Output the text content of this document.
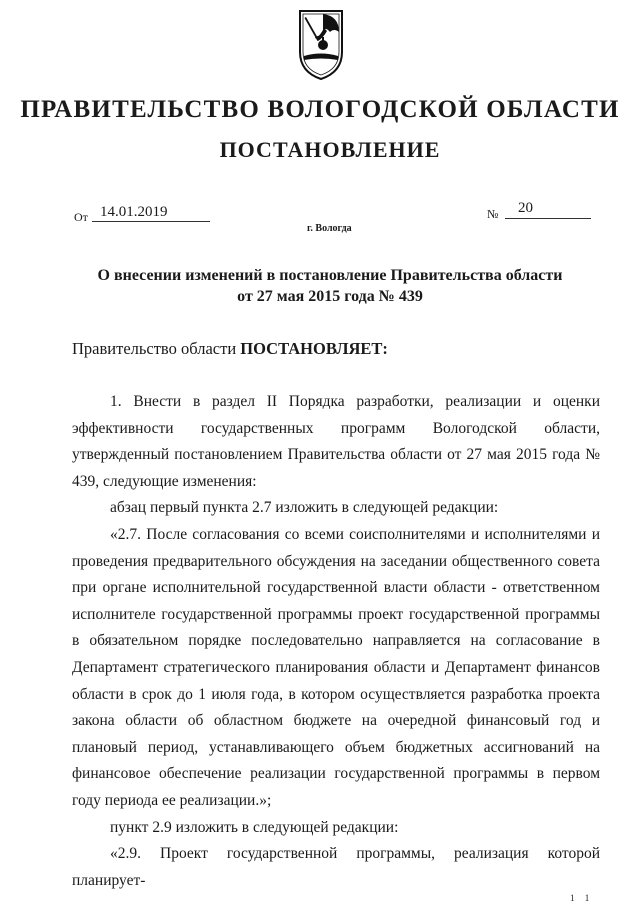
ПРАВИТЕЛЬСТВО ВОЛОГОДСКОЙ ОБЛАСТИ
ПОСТАНОВЛЕНИЕ
От 14.01.2019	№ 20
г. Вологда
О внесении изменений в постановление Правительства области
от 27 мая 2015 года № 439
Правительство области ПОСТАНОВЛЯЕТ:

1. Внести в раздел II Порядка разработки, реализации и оценки эффективности государственных программ Вологодской области, утвержденный постановлением Правительства области от 27 мая 2015 года № 439, следующие изменения:

абзац первый пункта 2.7 изложить в следующей редакции:

«2.7. После согласования со всеми соисполнителями и исполнителями и проведения предварительного обсуждения на заседании общественного совета при органе исполнительной государственной власти области - ответственном исполнителе государственной программы проект государственной программы в обязательном порядке последовательно направляется на согласование в Департамент стратегического планирования области и Департамент финансов области в срок до 1 июля года, в котором осуществляется разработка проекта закона области об областном бюджете на очередной финансовый год и плановый период, устанавливающего объем бюджетных ассигнований на финансовое обеспечение реализации государственной программы в первом году периода ее реализации.»;

пункт 2.9 изложить в следующей редакции:

«2.9. Проект государственной программы, реализация которой планирует-

1 1
